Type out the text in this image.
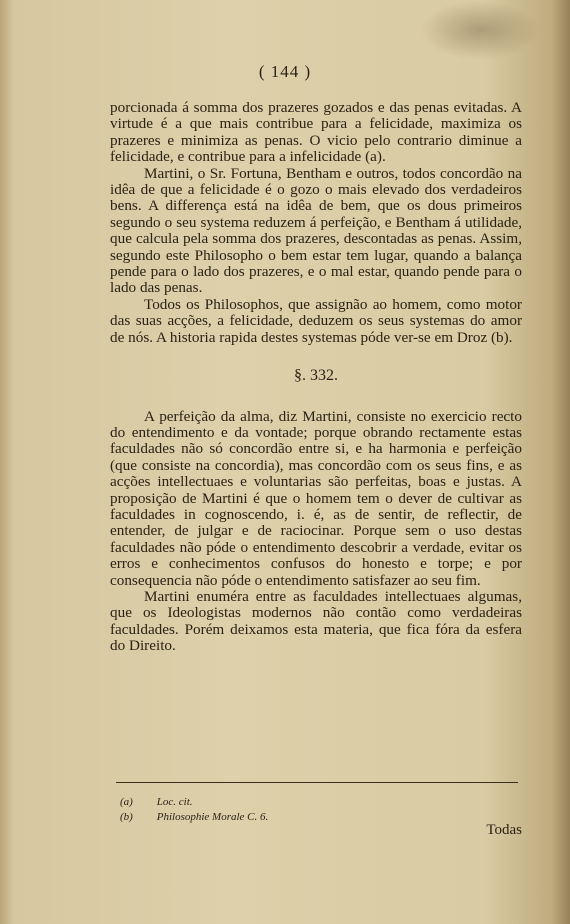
( 144 )

porcionada á somma dos prazeres gozados e das penas evitadas. A virtude é a que mais contribue para a felicidade, maximiza os prazeres e minimiza as penas. O vicio pelo contrario diminue a felicidade, e contribue para a infelicidade (a).

Martini, o Sr. Fortuna, Bentham e outros, todos concordão na idêa de que a felicidade é o gozo o mais elevado dos verdadeiros bens. A differença está na idêa de bem, que os dous primeiros segundo o seu systema reduzem á perfeição, e Bentham á utilidade, que calcula pela somma dos prazeres, descontadas as penas. Assim, segundo este Philosopho o bem estar tem lugar, quando a balança pende para o lado dos prazeres, e o mal estar, quando pende para o lado das penas.

Todos os Philosophos, que assignão ao homem, como motor das suas acções, a felicidade, deduzem os seus systemas do amor de nós. A historia rapida destes systemas póde ver-se em Droz (b).

§. 332.

A perfeição da alma, diz Martini, consiste no exercicio recto do entendimento e da vontade; porque obrando rectamente estas faculdades não só concordão entre si, e ha harmonia e perfeição (que consiste na concordia), mas concordão com os seus fins, e as acções intellectuaes e voluntarias são perfeitas, boas e justas. A proposição de Martini é que o homem tem o dever de cultivar as faculdades in cognoscendo, i. é, as de sentir, de reflectir, de entender, de julgar e de raciocinar. Porque sem o uso destas faculdades não póde o entendimento descobrir a verdade, evitar os erros e conhecimentos confusos do honesto e torpe; e por consequencia não póde o entendimento satisfazer ao seu fim.

Martini enuméra entre as faculdades intellectuaes algumas, que os Ideologistas modernos não contão como verdadeiras faculdades. Porém deixamos esta materia, que fica fóra da esfera do Direito.

(a) Loc. cit.
(b) Philosophie Morale C. 6.
Todas
